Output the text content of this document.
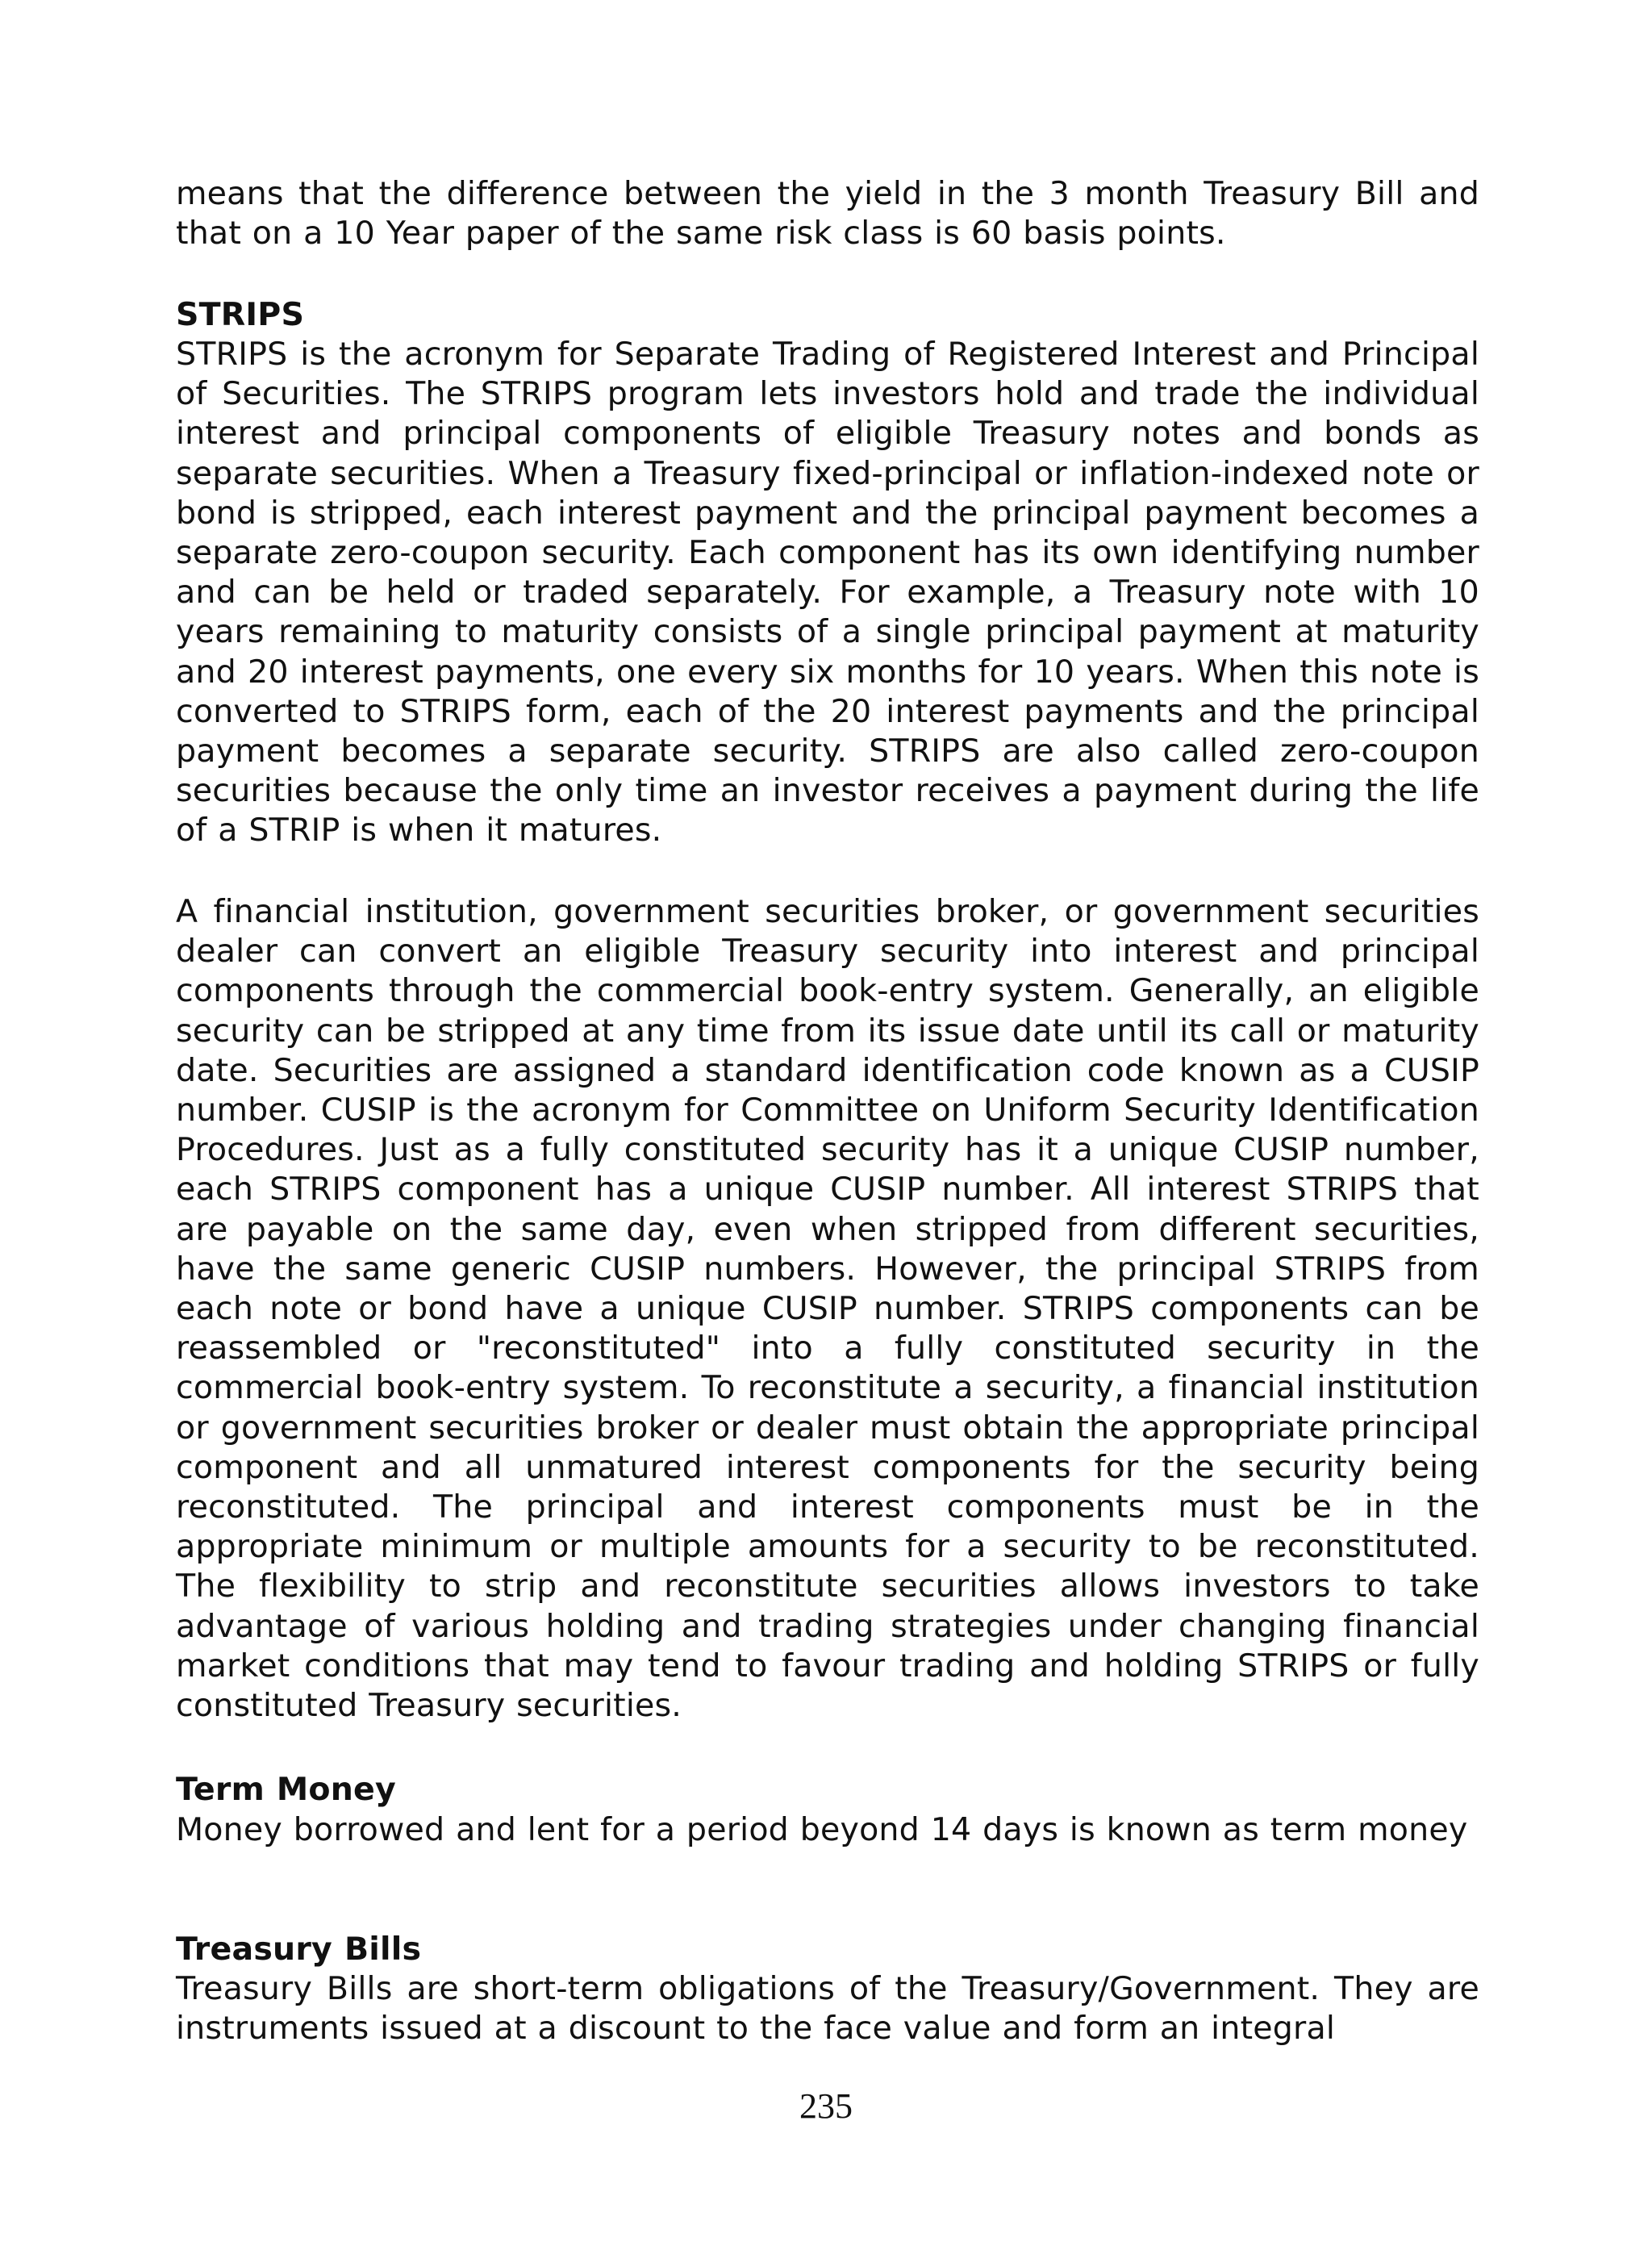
means that the difference between the yield in the 3 month Treasury Bill and that on a 10 Year paper of the same risk class is 60 basis points.
STRIPS
STRIPS is the acronym for Separate Trading of Registered Interest and Principal of Securities. The STRIPS program lets investors hold and trade the individual interest and principal components of eligible Treasury notes and bonds as separate securities. When a Treasury fixed-principal or inflation-indexed note or bond is stripped, each interest payment and the principal payment becomes a separate zero-coupon security. Each component has its own identifying number and can be held or traded separately. For example, a Treasury note with 10 years remaining to maturity consists of a single principal payment at maturity and 20 interest payments, one every six months for 10 years. When this note is converted to STRIPS form, each of the 20 interest payments and the principal payment becomes a separate security. STRIPS are also called zero-coupon securities because the only time an investor receives a payment during the life of a STRIP is when it matures.
A financial institution, government securities broker, or government securities dealer can convert an eligible Treasury security into interest and principal components through the commercial book-entry system. Generally, an eligible security can be stripped at any time from its issue date until its call or maturity date. Securities are assigned a standard identification code known as a CUSIP number. CUSIP is the acronym for Committee on Uniform Security Identification Procedures. Just as a fully constituted security has it a unique CUSIP number, each STRIPS component has a unique CUSIP number. All interest STRIPS that are payable on the same day, even when stripped from different securities, have the same generic CUSIP numbers. However, the principal STRIPS from each note or bond have a unique CUSIP number. STRIPS components can be reassembled or "reconstituted" into a fully constituted security in the commercial book-entry system. To reconstitute a security, a financial institution or government securities broker or dealer must obtain the appropriate principal component and all unmatured interest components for the security being reconstituted. The principal and interest components must be in the appropriate minimum or multiple amounts for a security to be reconstituted. The flexibility to strip and reconstitute securities allows investors to take advantage of various holding and trading strategies under changing financial market conditions that may tend to favour trading and holding STRIPS or fully constituted Treasury securities.
Term Money
Money borrowed and lent for a period beyond 14 days is known as term money
Treasury Bills
Treasury Bills are short-term obligations of the Treasury/Government. They are instruments issued at a discount to the face value and form an integral
235
